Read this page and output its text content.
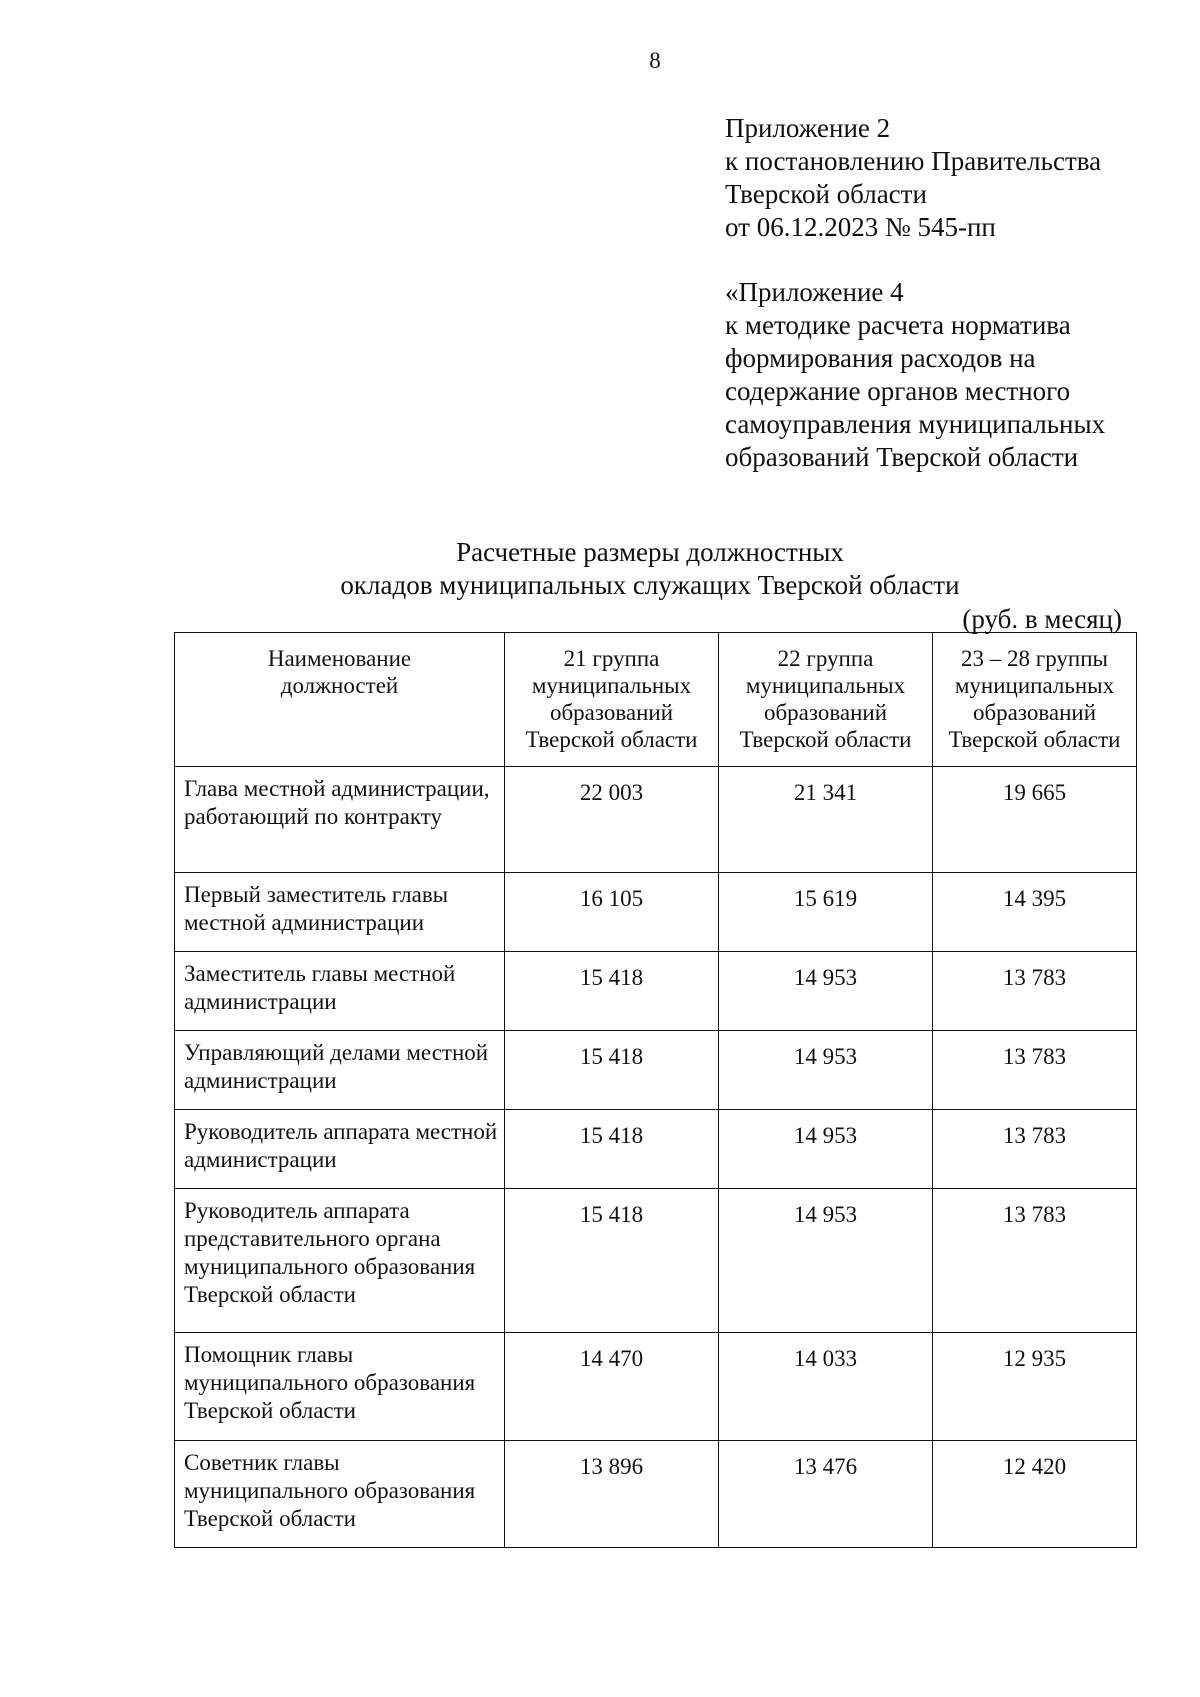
8
Приложение 2
к постановлению Правительства
Тверской области
от 06.12.2023 № 545-пп
«Приложение 4
к методике расчета норматива
формирования расходов на
содержание органов местного
самоуправления муниципальных
образований Тверской области
Расчетные размеры должностных
окладов муниципальных служащих Тверской области
(руб. в месяц)
Наименование должностей	21 группа муниципальных образований Тверской области	22 группа муниципальных образований Тверской области	23 – 28 группы муниципальных образований Тверской области
Глава местной администрации, работающий по контракту	22 003	21 341	19 665
Первый заместитель главы местной администрации	16 105	15 619	14 395
Заместитель главы местной администрации	15 418	14 953	13 783
Управляющий делами местной администрации	15 418	14 953	13 783
Руководитель аппарата местной администрации	15 418	14 953	13 783
Руководитель аппарата представительного органа муниципального образования Тверской области	15 418	14 953	13 783
Помощник главы муниципального образования Тверской области	14 470	14 033	12 935
Советник главы муниципального образования Тверской области	13 896	13 476	12 420
